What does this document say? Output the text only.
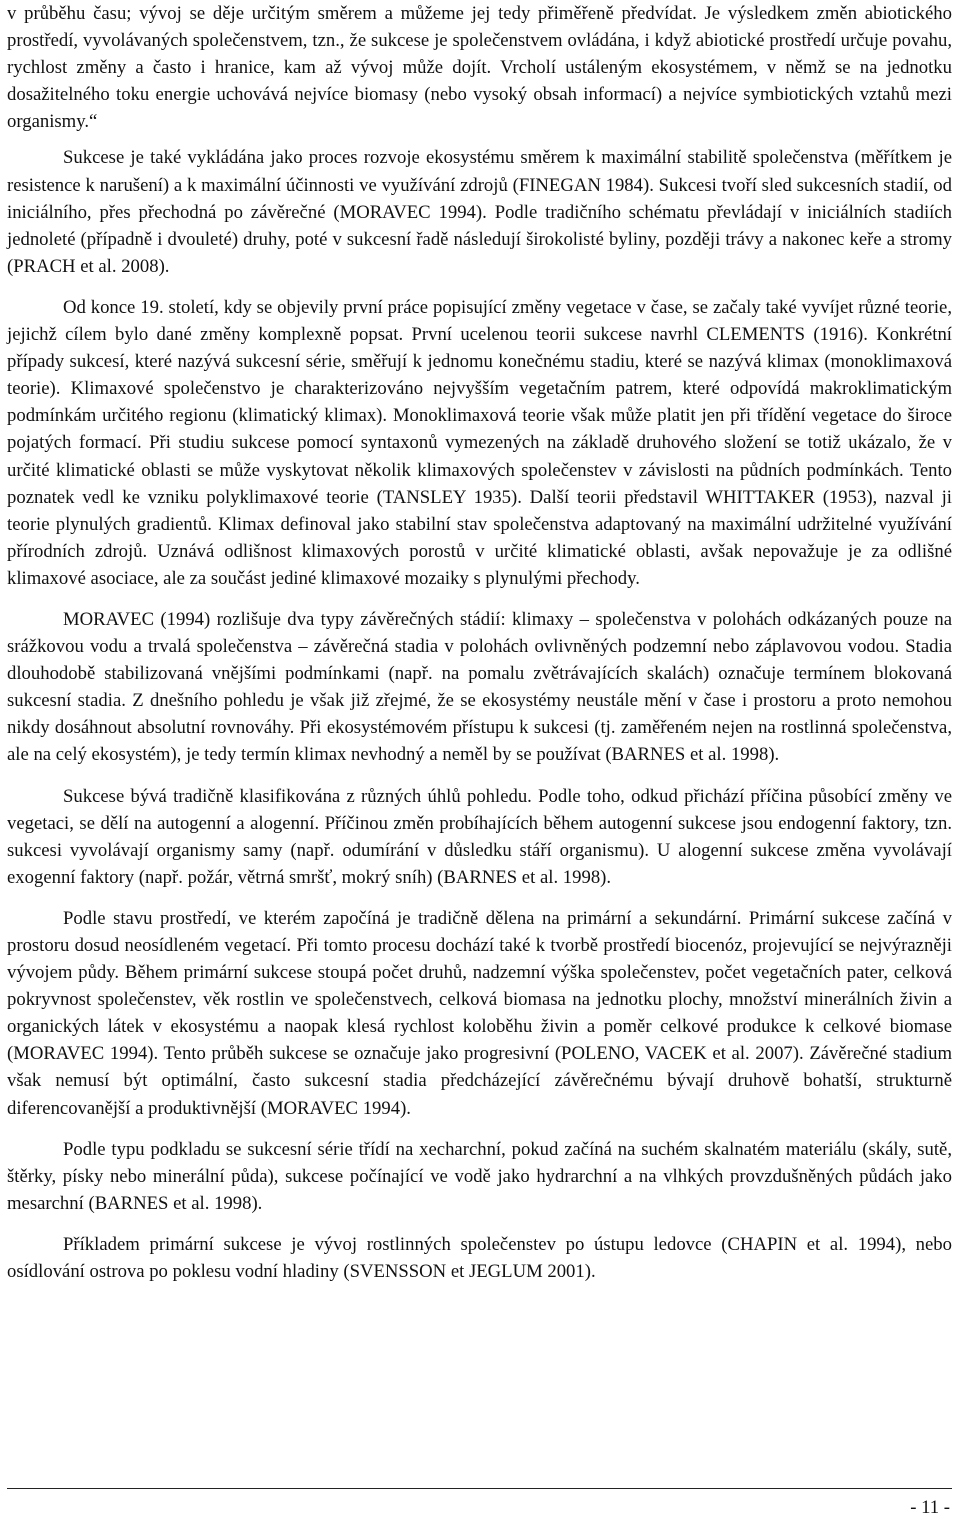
v průběhu času; vývoj se děje určitým směrem a můžeme jej tedy přiměřeně předvídat. Je výsledkem změn abiotického prostředí, vyvolávaných společenstvem, tzn., že sukcese je společenstvem ovládána, i když abiotické prostředí určuje povahu, rychlost změny a často i hranice, kam až vývoj může dojít. Vrcholí ustáleným ekosystémem, v němž se na jednotku dosažitelného toku energie uchovává nejvíce biomasy (nebo vysoký obsah informací) a nejvíce symbiotických vztahů mezi organismy.“

Sukcese je také vykládána jako proces rozvoje ekosystému směrem k maximální stabilitě společenstva (měřítkem je resistence k narušení) a k maximální účinnosti ve využívání zdrojů (FINEGAN 1984). Sukcesi tvoří sled sukcesních stadií, od iniciálního, přes přechodná po závěrečné (MORAVEC 1994). Podle tradičního schématu převládají v iniciálních stadiích jednoleté (případně i dvouleté) druhy, poté v sukcesní řadě následují širokolisté byliny, později trávy a nakonec keře a stromy (PRACH et al. 2008).

Od konce 19. století, kdy se objevily první práce popisující změny vegetace v čase, se začaly také vyvíjet různé teorie, jejichž cílem bylo dané změny komplexně popsat. První ucelenou teorii sukcese navrhl CLEMENTS (1916). Konkrétní případy sukcesí, které nazývá sukcesní série, směřují k jednomu konečnému stadiu, které se nazývá klimax (monoklimaxová teorie). Klimaxové společenstvo je charakterizováno nejvyšším vegetačním patrem, které odpovídá makroklimatickým podmínkám určitého regionu (klimatický klimax). Monoklimaxová teorie však může platit jen při třídění vegetace do široce pojatých formací. Při studiu sukcese pomocí syntaxonů vymezených na základě druhového složení se totiž ukázalo, že v určité klimatické oblasti se může vyskytovat několik klimaxových společenstev v závislosti na půdních podmínkách. Tento poznatek vedl ke vzniku polyklimaxové teorie (TANSLEY 1935). Další teorii představil WHITTAKER (1953), nazval ji teorie plynulých gradientů. Klimax definoval jako stabilní stav společenstva adaptovaný na maximální udržitelné využívání přírodních zdrojů. Uznává odlišnost klimaxových porostů v určité klimatické oblasti, avšak nepovažuje je za odlišné klimaxové asociace, ale za součást jediné klimaxové mozaiky s plynulými přechody.

MORAVEC (1994) rozlišuje dva typy závěrečných stádií: klimaxy – společenstva v polohách odkázaných pouze na srážkovou vodu a trvalá společenstva – závěrečná stadia v polohách ovlivněných podzemní nebo záplavovou vodou. Stadia dlouhodobě stabilizovaná vnějšími podmínkami (např. na pomalu zvětrávajících skalách) označuje termínem blokovaná sukcesní stadia. Z dnešního pohledu je však již zřejmé, že se ekosystémy neustále mění v čase i prostoru a proto nemohou nikdy dosáhnout absolutní rovnováhy. Při ekosystémovém přístupu k sukcesi (tj. zaměřeném nejen na rostlinná společenstva, ale na celý ekosystém), je tedy termín klimax nevhodný a neměl by se používat (BARNES et al. 1998).

Sukcese bývá tradičně klasifikována z různých úhlů pohledu. Podle toho, odkud přichází příčina působící změny ve vegetaci, se dělí na autogenní a alogenní. Příčinou změn probíhajících během autogenní sukcese jsou endogenní faktory, tzn. sukcesi vyvolávají organismy samy (např. odumírání v důsledku stáří organismu). U alogenní sukcese změna vyvolávají exogenní faktory (např. požár, větrná smršť, mokrý sníh) (BARNES et al. 1998).

Podle stavu prostředí, ve kterém započíná je tradičně dělena na primární a sekundární. Primární sukcese začíná v prostoru dosud neosídleném vegetací. Při tomto procesu dochází také k tvorbě prostředí biocenóz, projevující se nejvýrazněji vývojem půdy. Během primární sukcese stoupá počet druhů, nadzemní výška společenstev, počet vegetačních pater, celková pokryvnost společenstev, věk rostlin ve společenstvech, celková biomasa na jednotku plochy, množství minerálních živin a organických látek v ekosystému a naopak klesá rychlost koloběhu živin a poměr celkové produkce k celkové biomase (MORAVEC 1994). Tento průběh sukcese se označuje jako progresivní (POLENO, VACEK et al. 2007). Závěrečné stadium však nemusí být optimální, často sukcesní stadia předcházející závěrečnému bývají druhově bohatší, strukturně diferencovanější a produktivnější (MORAVEC 1994).

Podle typu podkladu se sukcesní série třídí na xecharchní, pokud začíná na suchém skalnatém materiálu (skály, sutě, štěrky, písky nebo minerální půda), sukcese počínající ve vodě jako hydrarchní a na vlhkých provzdušněných půdách jako mesarchní (BARNES et al. 1998).

Příkladem primární sukcese je vývoj rostlinných společenstev po ústupu ledovce (CHAPIN et al. 1994), nebo osídlování ostrova po poklesu vodní hladiny (SVENSSON et JEGLUM 2001).

- 11 -
